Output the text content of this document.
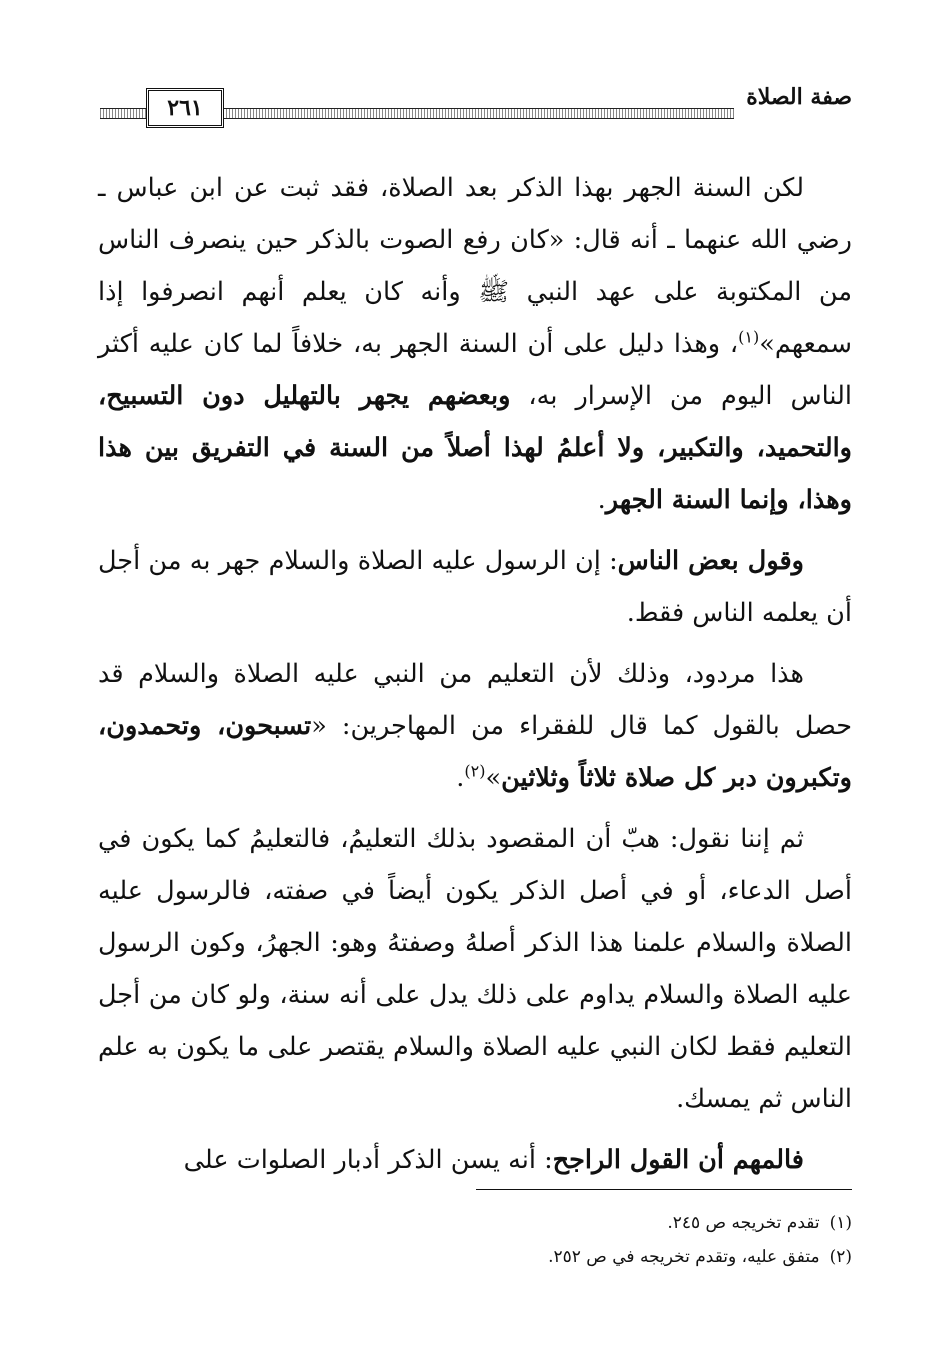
صفة الصلاة
٢٦١

لكن السنة الجهر بهذا الذكر بعد الصلاة، فقد ثبت عن ابن عباس ـ رضي الله عنهما ـ أنه قال: «كان رفع الصوت بالذكر حين ينصرف الناس من المكتوبة على عهد النبي ﷺ وأنه كان يعلم أنهم انصرفوا إذا سمعهم»$^{(١)}$، وهذا دليل على أن السنة الجهر به، خلافاً لما كان عليه أكثر الناس اليوم من الإسرار به، وبعضهم يجهر بالتهليل دون التسبيح، والتحميد، والتكبير، ولا أعلمُ لهذا أصلاً من السنة في التفريق بين هذا وهذا، وإنما السنة الجهر.

وقول بعض الناس: إن الرسول عليه الصلاة والسلام جهر به من أجل أن يعلمه الناس فقط.

هذا مردود، وذلك لأن التعليم من النبي عليه الصلاة والسلام قد حصل بالقول كما قال للفقراء من المهاجرين: «تسبحون، وتحمدون، وتكبرون دبر كل صلاة ثلاثاً وثلاثين»$^{(٢)}$.

ثم إننا نقول: هبّ أن المقصود بذلك التعليمُ، فالتعليمُ كما يكون في أصل الدعاء، أو في أصل الذكر يكون أيضاً في صفته، فالرسول عليه الصلاة والسلام علمنا هذا الذكر أصلهُ وصفتهُ وهو: الجهرُ، وكون الرسول عليه الصلاة والسلام يداوم على ذلك يدل على أنه سنة، ولو كان من أجل التعليم فقط لكان النبي عليه الصلاة والسلام يقتصر على ما يكون به علم الناس ثم يمسك.

فالمهم أن القول الراجح: أنه يسن الذكر أدبار الصلوات على

(١)تقدم تخريجه ص ٢٤٥.

(٢)متفق عليه، وتقدم تخريجه في ص ٢٥٢.
